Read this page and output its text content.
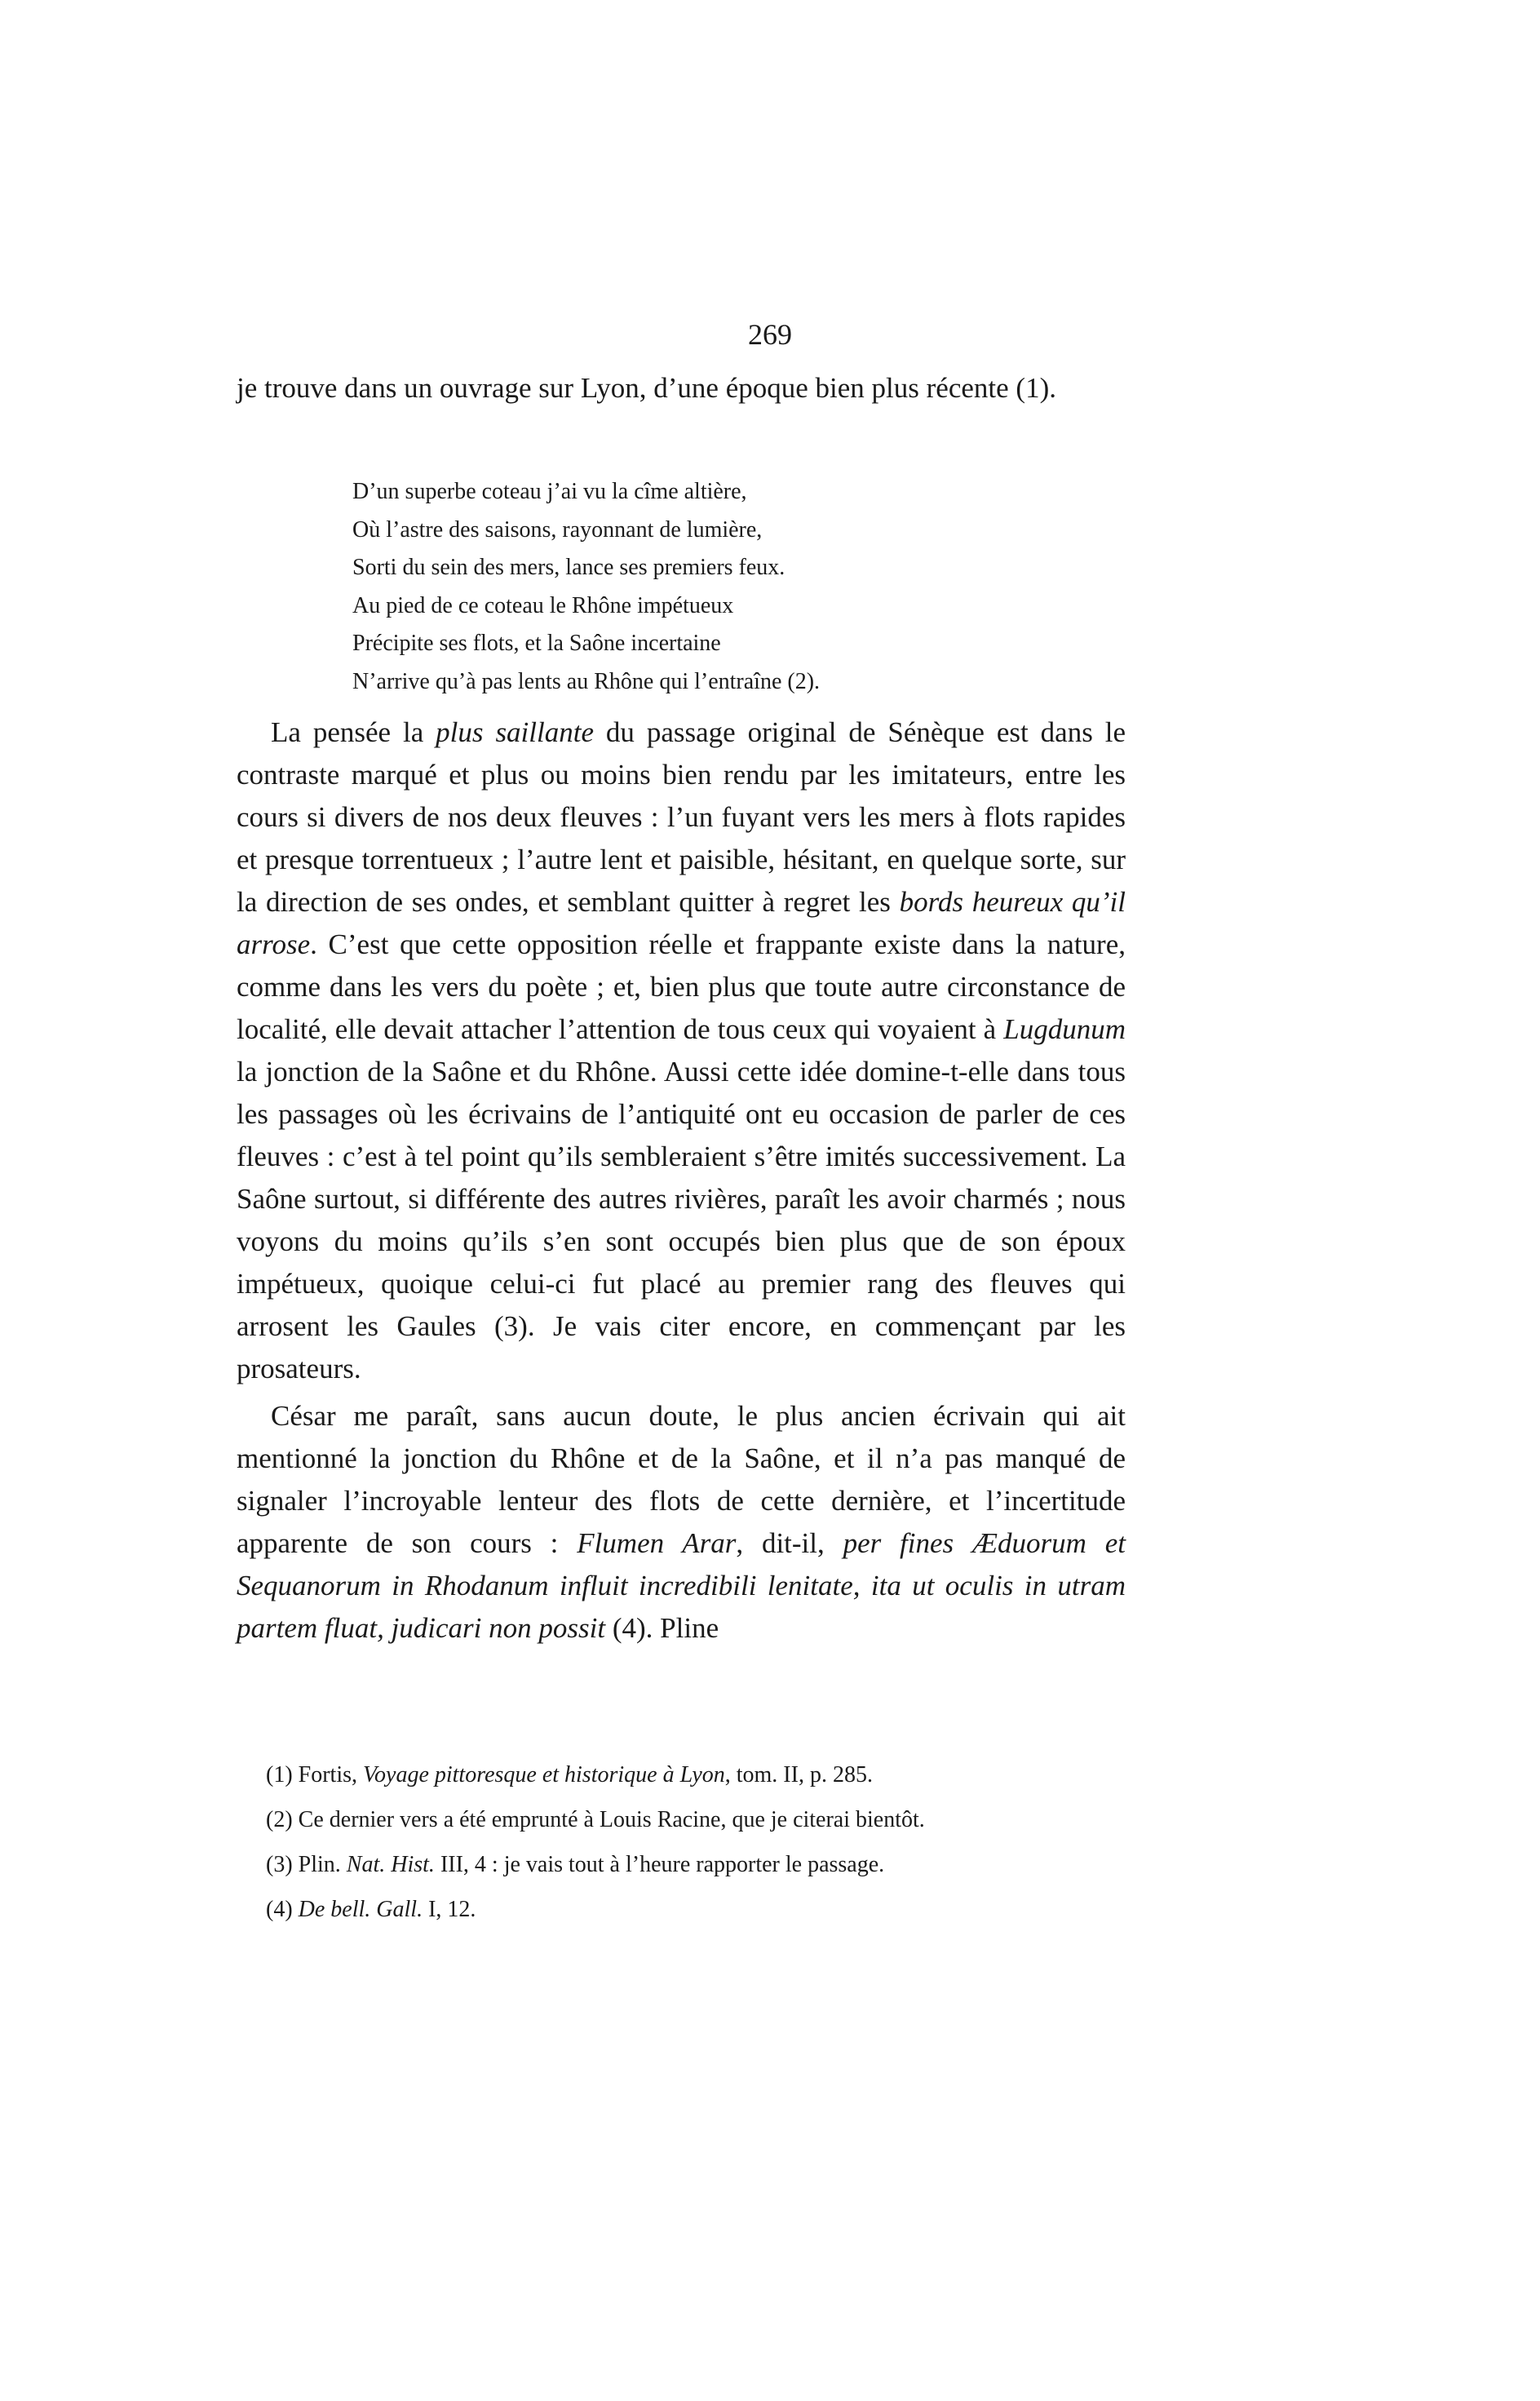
269

je trouve dans un ouvrage sur Lyon, d’une époque bien plus récente (1).

D’un superbe coteau j’ai vu la cîme altière,
Où l’astre des saisons, rayonnant de lumière,
Sorti du sein des mers, lance ses premiers feux.
Au pied de ce coteau le Rhône impétueux
Précipite ses flots, et la Saône incertaine
N’arrive qu’à pas lents au Rhône qui l’entraîne (2).

La pensée la plus saillante du passage original de Sénèque est dans le contraste marqué et plus ou moins bien rendu par les imitateurs, entre les cours si divers de nos deux fleuves : l’un fuyant vers les mers à flots rapides et presque torrentueux ; l’autre lent et paisible, hésitant, en quelque sorte, sur la direction de ses ondes, et semblant quitter à regret les bords heureux qu’il arrose. C’est que cette opposition réelle et frappante existe dans la nature, comme dans les vers du poète ; et, bien plus que toute autre circonstance de localité, elle devait attacher l’attention de tous ceux qui voyaient à Lugdunum la jonction de la Saône et du Rhône. Aussi cette idée domine-t-elle dans tous les passages où les écrivains de l’antiquité ont eu occasion de parler de ces fleuves : c’est à tel point qu’ils sembleraient s’être imités successivement. La Saône surtout, si différente des autres rivières, paraît les avoir charmés ; nous voyons du moins qu’ils s’en sont occupés bien plus que de son époux impétueux, quoique celui-ci fut placé au premier rang des fleuves qui arrosent les Gaules (3). Je vais citer encore, en commençant par les prosateurs.

César me paraît, sans aucun doute, le plus ancien écrivain qui ait mentionné la jonction du Rhône et de la Saône, et il n’a pas manqué de signaler l’incroyable lenteur des flots de cette dernière, et l’incertitude apparente de son cours : Flumen Arar, dit-il, per fines Æduorum et Sequanorum in Rhodanum influit incredibili lenitate, ita ut oculis in utram partem fluat, judicari non possit (4). Pline

(1) Fortis, Voyage pittoresque et historique à Lyon, tom. II, p. 285.
(2) Ce dernier vers a été emprunté à Louis Racine, que je citerai bientôt.
(3) Plin. Nat. Hist. III, 4 : je vais tout à l’heure rapporter le passage.
(4) De bell. Gall. I, 12.
